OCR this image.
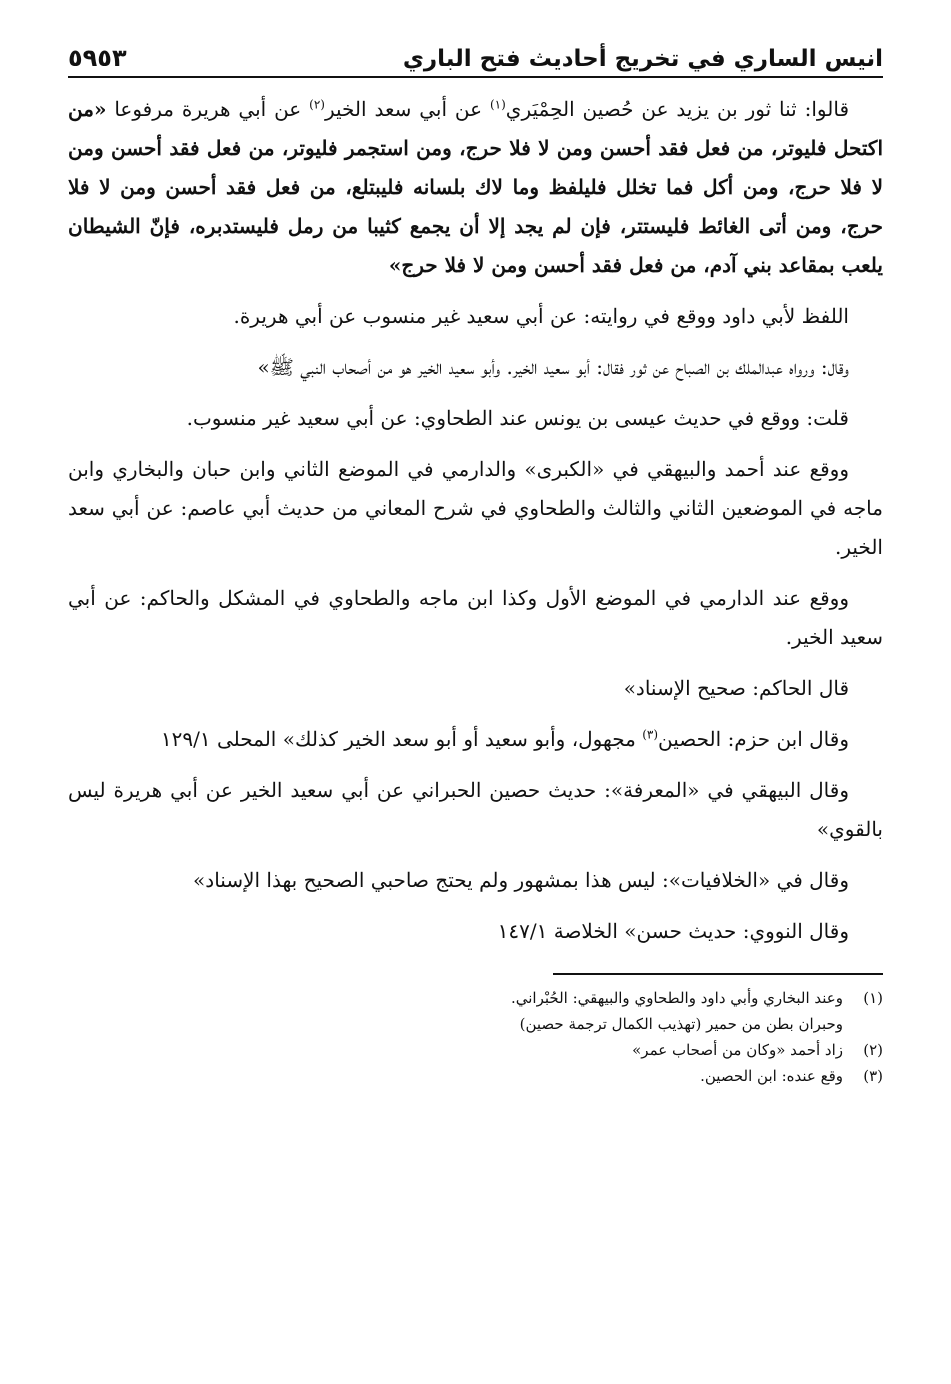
انيس الساري في تخريج أحاديث فتح الباري
٥٩٥٣

قالوا: ثنا ثور بن يزيد عن حُصين الحِمْيَري$^{(١)}$ عن أبي سعد الخير$^{(٢)}$ عن أبي هريرة مرفوعا «من اكتحل فليوتر، من فعل فقد أحسن ومن لا فلا حرج، ومن استجمر فليوتر، من فعل فقد أحسن ومن لا فلا حرج، ومن أكل فما تخلل فليلفظ وما لاك بلسانه فليبتلع، من فعل فقد أحسن ومن لا فلا حرج، ومن أتى الغائط فليستتر، فإن لم يجد إلا أن يجمع كثيبا من رمل فليستدبره، فإنّ الشيطان يلعب بمقاعد بني آدم، من فعل فقد أحسن ومن لا فلا حرج»

اللفظ لأبي داود ووقع في روايته: عن أبي سعيد غير منسوب عن أبي هريرة.

وقال: ورواه عبدالملك بن الصباح عن ثور فقال: أبو سعيد الخير. وأبو سعيد الخير هو من أصحاب النبي ﷺ»

قلت: ووقع في حديث عيسى بن يونس عند الطحاوي: عن أبي سعيد غير منسوب.

ووقع عند أحمد والبيهقي في «الكبرى» والدارمي في الموضع الثاني وابن حبان والبخاري وابن ماجه في الموضعين الثاني والثالث والطحاوي في شرح المعاني من حديث أبي عاصم: عن أبي سعد الخير.

ووقع عند الدارمي في الموضع الأول وكذا ابن ماجه والطحاوي في المشكل والحاكم: عن أبي سعيد الخير.

قال الحاكم: صحيح الإسناد»

وقال ابن حزم: الحصين$^{(٣)}$ مجهول، وأبو سعيد أو أبو سعد الخير كذلك» المحلى ١٢٩/١

وقال البيهقي في «المعرفة»: حديث حصين الحبراني عن أبي سعيد الخير عن أبي هريرة ليس بالقوي»

وقال في «الخلافيات»: ليس هذا بمشهور ولم يحتج صاحبي الصحيح بهذا الإسناد»

وقال النووي: حديث حسن» الخلاصة ١٤٧/١

(١)
وعند البخاري وأبي داود والطحاوي والبيهقي: الحُبْراني.
وحبران بطن من حمير (تهذيب الكمال ترجمة حصين)
(٢)
زاد أحمد «وكان من أصحاب عمر»
(٣)
وقع عنده: ابن الحصين.
